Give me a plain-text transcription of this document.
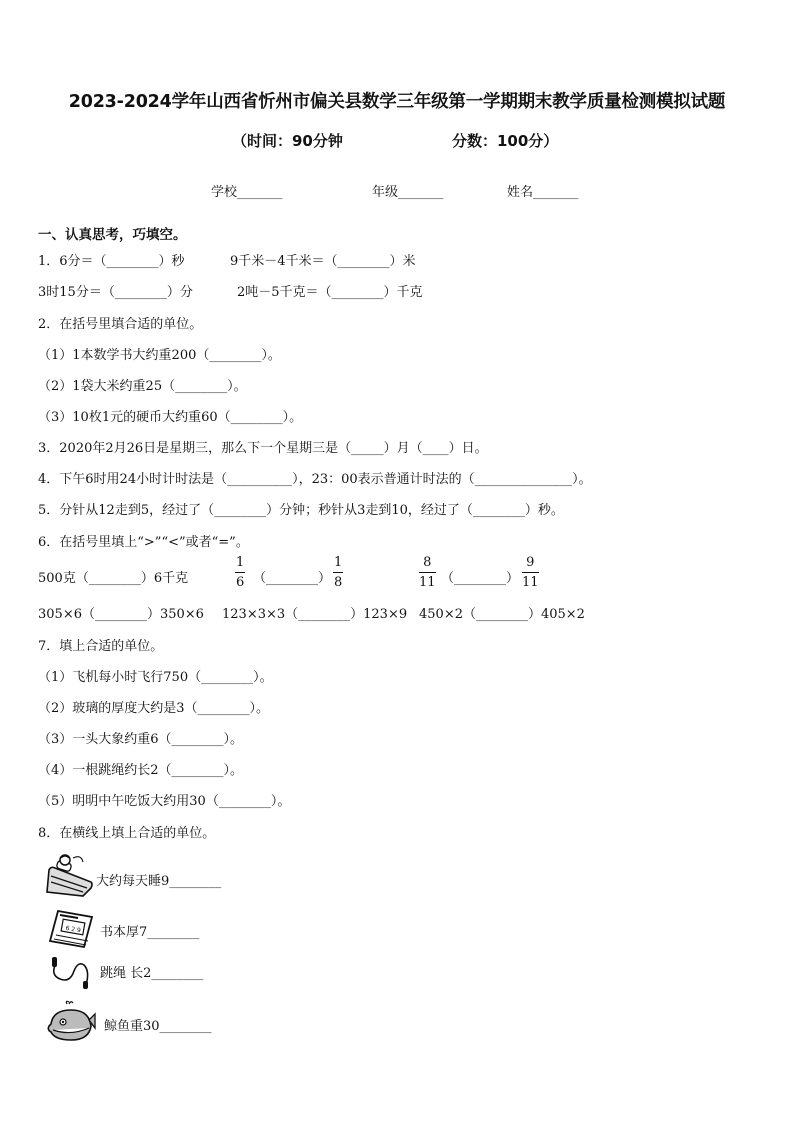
2023-2024学年山西省忻州市偏关县数学三年级第一学期期末教学质量检测模拟试题
（时间：90分钟	分数：100分）
学校_______	年级_______	姓名_______
一、认真思考，巧填空。
1．6分＝（________）秒	9千米－4千米＝（________）米
3时15分＝（________）分	2吨－5千克＝（________）千克
2．在括号里填合适的单位。
（1）1本数学书大约重200（________）。
（2）1袋大米约重25（________）。
（3）10枚1元的硬币大约重60（________）。
3．2020年2月26日是星期三，那么下一个星期三是（_____）月（____）日。
4．下午6时用24小时计时法是（__________），23：00表示普通计时法的（_______________）。
5．分针从12走到5，经过了（________）分钟；秒针从3走到10，经过了（________）秒。
6．在括号里填上“>”“<”或者“=”。
500克（________）6千克	$\frac{1}{6}$ （________） $\frac{1}{8}$	$\frac{8}{11}$ （________） $\frac{9}{11}$
305×6（________）350×6 123×3×3（________）123×9 450×2（________）405×2
7．填上合适的单位。
（1）飞机每小时飞行750（________）。
（2）玻璃的厚度大约是3（________）。
（3）一头大象约重6（________）。
（4）一根跳绳约长2（________）。
（5）明明中午吃饭大约用30（________）。
8．在横线上填上合适的单位。
大约每天睡9________
6 2 9 书本厚7________
跳绳 长2________
鲸鱼重30________
